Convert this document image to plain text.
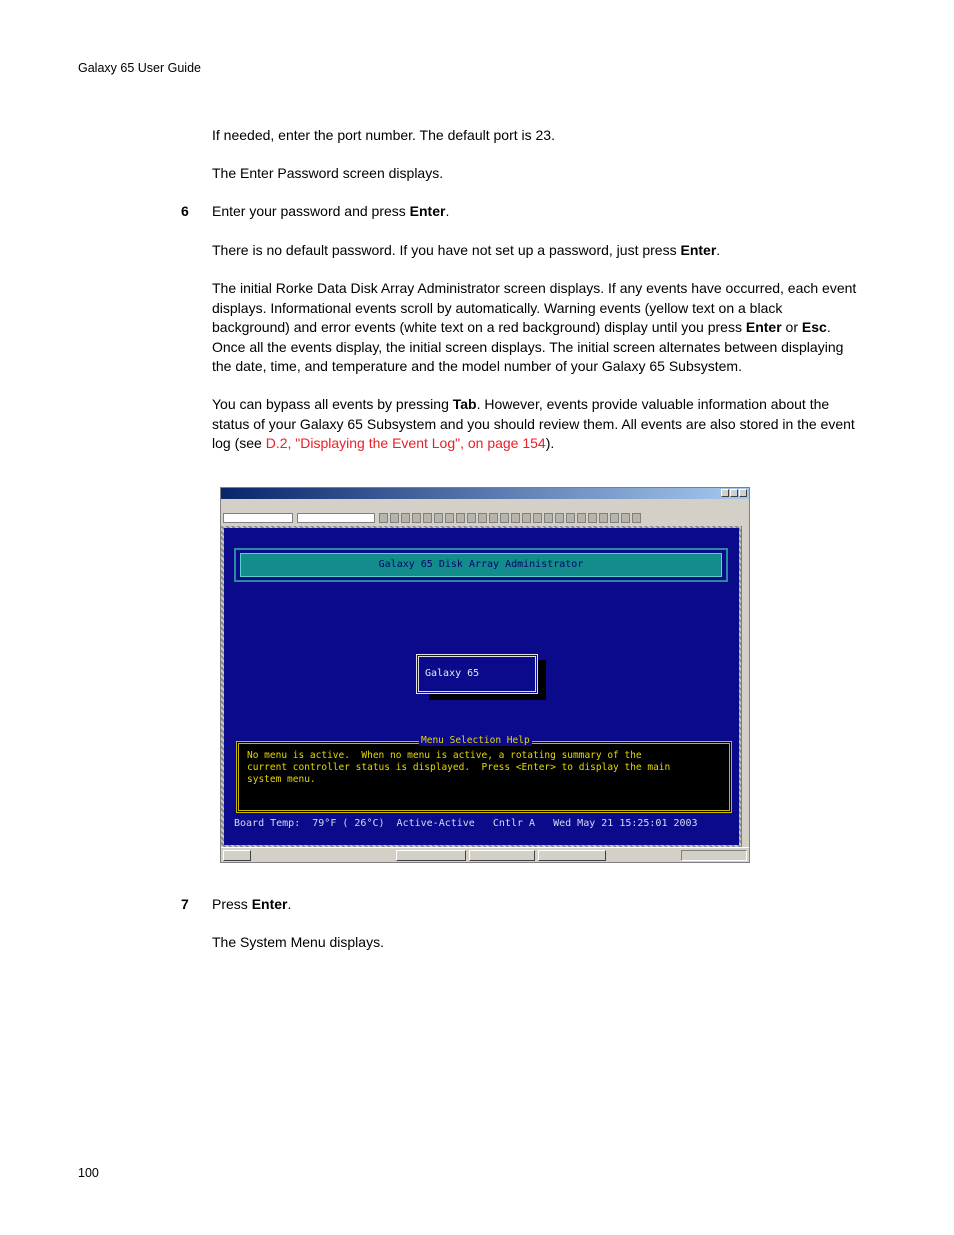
Galaxy 65 User Guide
If needed, enter the port number. The default port is 23.
The Enter Password screen displays.
6 Enter your password and press Enter.
There is no default password. If you have not set up a password, just press Enter.
The initial Rorke Data Disk Array Administrator screen displays. If any events have occurred, each event displays. Informational events scroll by automatically. Warning events (yellow text on a black background) and error events (white text on a red background) display until you press Enter or Esc. Once all the events display, the initial screen displays. The initial screen alternates between displaying the date, time, and temperature and the model number of your Galaxy 65 Subsystem.
You can bypass all events by pressing Tab. However, events provide valuable information about the status of your Galaxy 65 Subsystem and you should review them. All events are also stored in the event log (see D.2, "Displaying the Event Log", on page 154).
Galaxy 65 Disk Array Administrator
Galaxy 65
No menu is active.  When no menu is active, a rotating summary of the
current controller status is displayed.  Press <Enter> to display the main
system menu.
Menu Selection Help
Board Temp:  79°F ( 26°C)  Active-Active   Cntlr A   Wed May 21 15:25:01 2003
7 Press Enter.
The System Menu displays.
100
